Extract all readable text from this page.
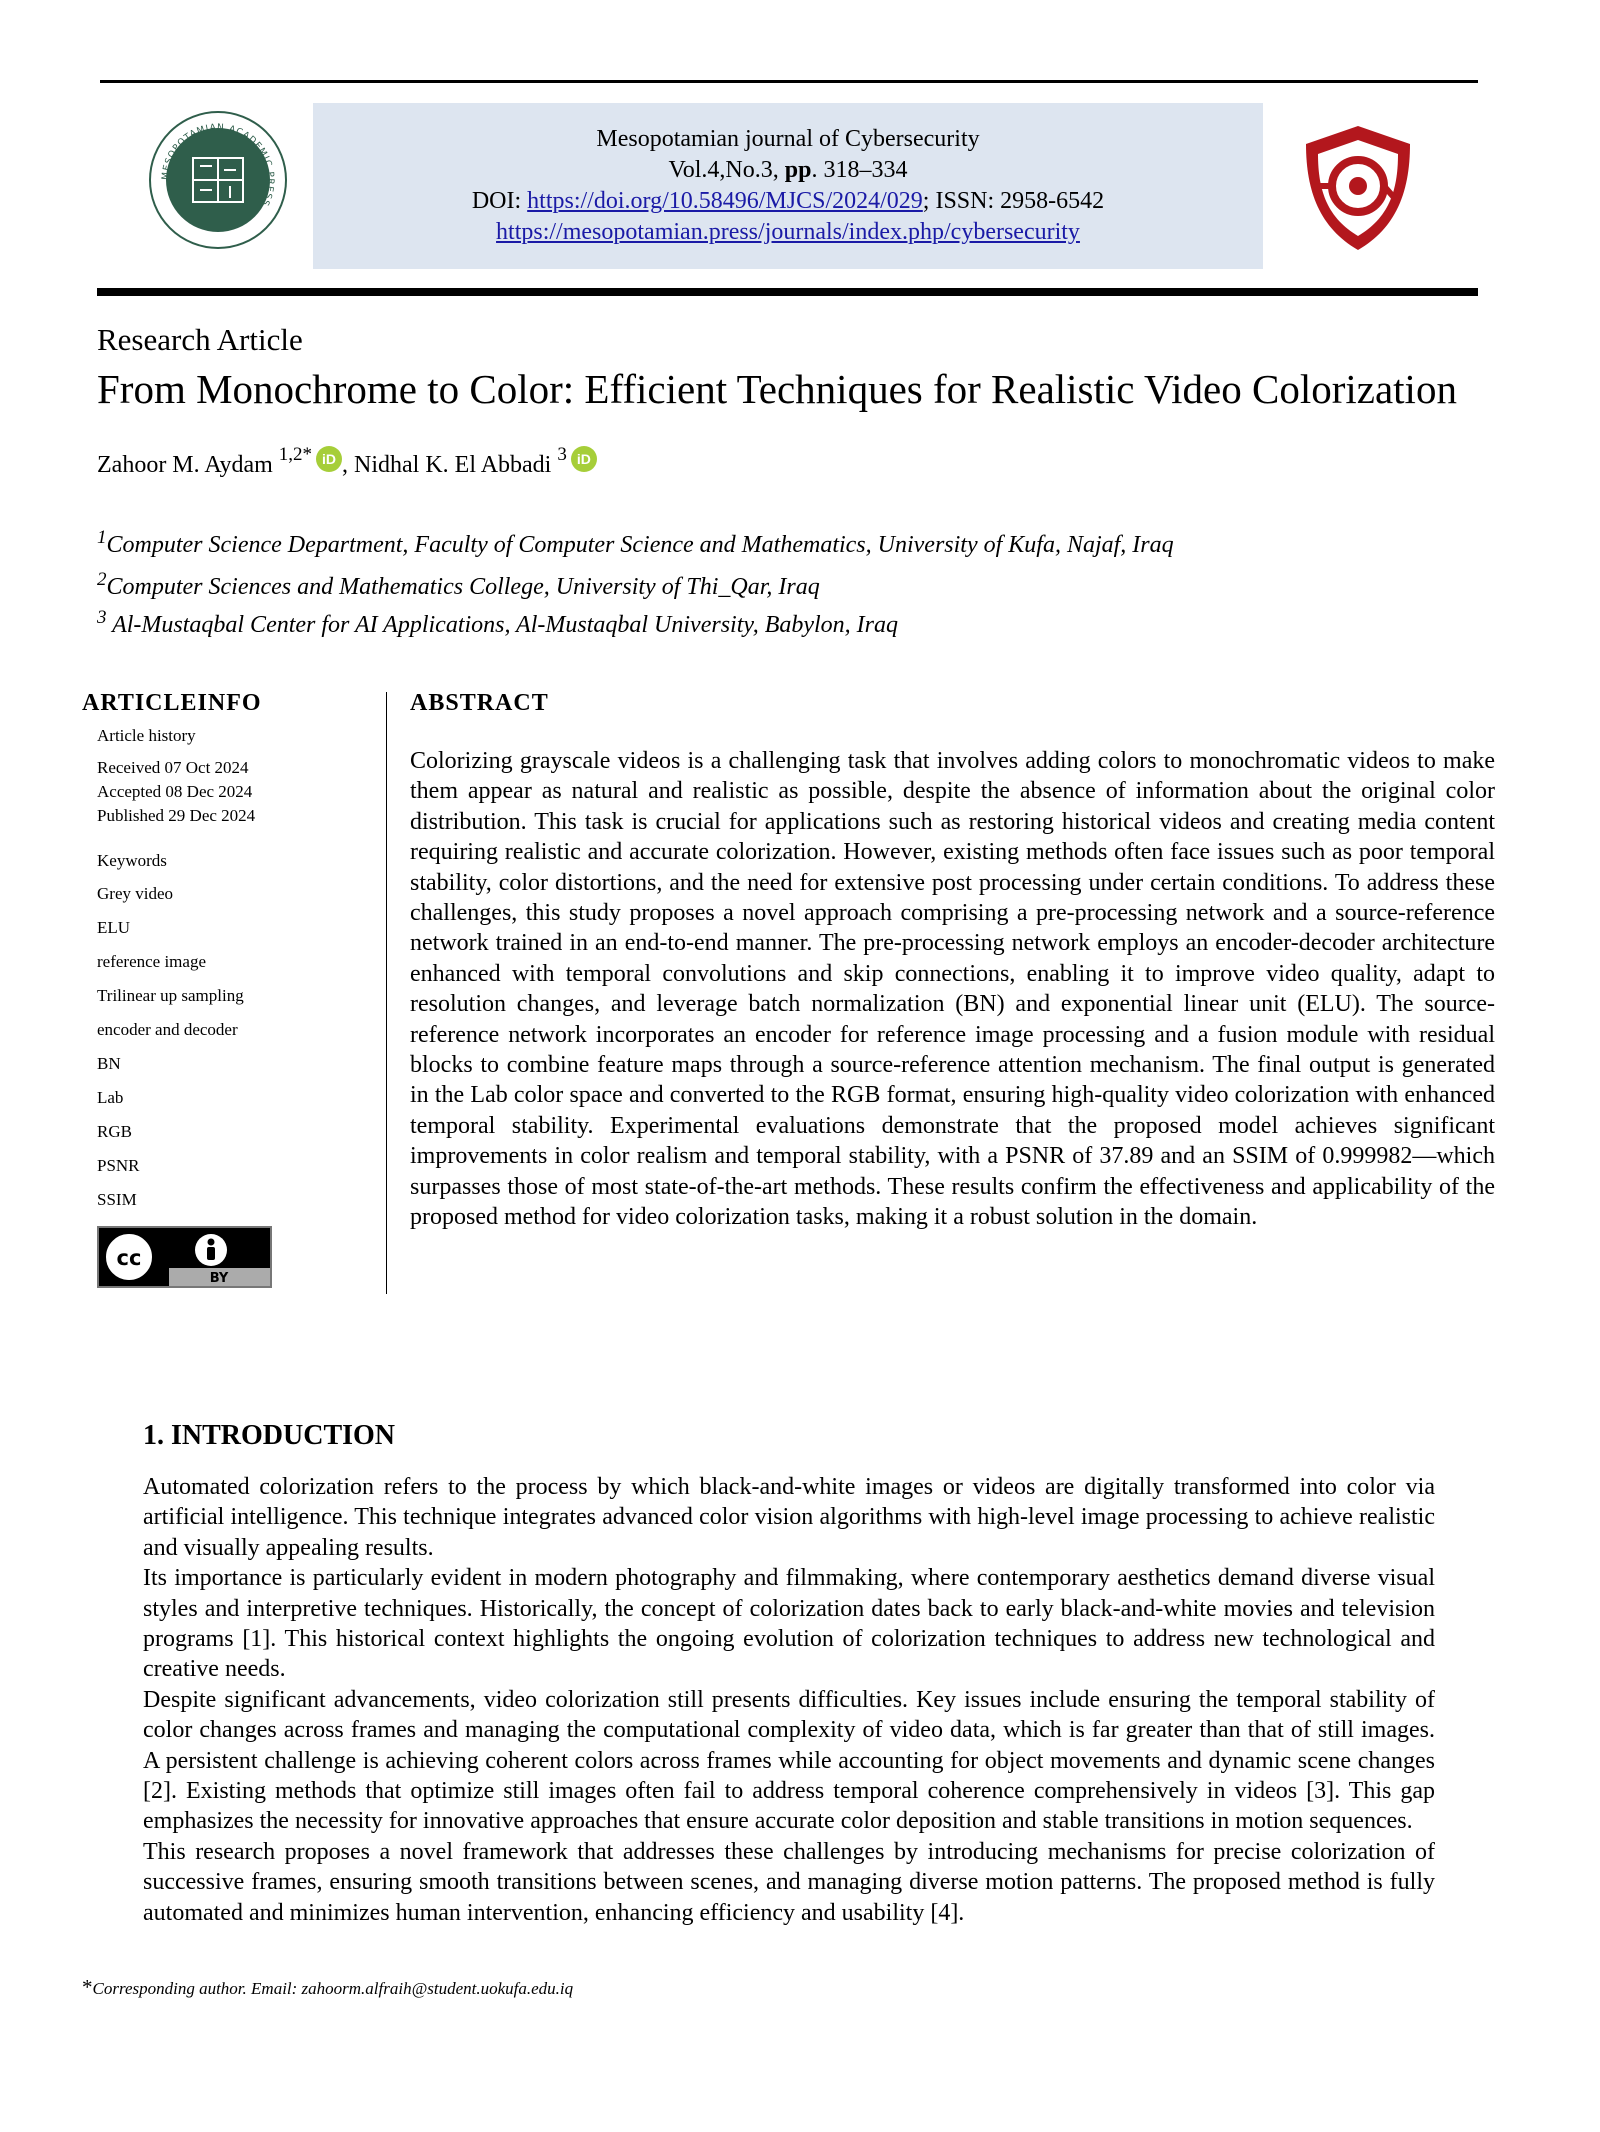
MESOPOTAMIAN ACADEMIC PRESS
Mesopotamian journal of Cybersecurity
Vol.4,No.3, pp. 318–334
DOI: https://doi.org/10.58496/MJCS/2024/029; ISSN: 2958-6542
https://mesopotamian.press/journals/index.php/cybersecurity
Research Article
From Monochrome to Color: Efficient Techniques for Realistic Video Colorization
Zahoor M. Aydam $^{1,2*}$ iD , Nidhal K. El Abbadi $^3$ iD
$^1$Computer Science Department, Faculty of Computer Science and Mathematics, University of Kufa, Najaf, Iraq
$^2$Computer Sciences and Mathematics College, University of Thi_Qar, Iraq
$^3$ Al-Mustaqbal Center for AI Applications, Al-Mustaqbal University, Babylon, Iraq
ARTICLEINFO
Article history
Received 07 Oct 2024
Accepted 08 Dec 2024
Published 29 Dec 2024
Keywords
Grey video
ELU
reference image
Trilinear up sampling
encoder and decoder
BN
Lab
RGB
PSNR
SSIM
BY
cc
ABSTRACT
Colorizing grayscale videos is a challenging task that involves adding colors to monochromatic videos to make them appear as natural and realistic as possible, despite the absence of information about the original color distribution. This task is crucial for applications such as restoring historical videos and creating media content requiring realistic and accurate colorization. However, existing methods often face issues such as poor temporal stability, color distortions, and the need for extensive post processing under certain conditions. To address these challenges, this study proposes a novel approach comprising a pre-processing network and a source-reference network trained in an end-to-end manner. The pre-processing network employs an encoder-decoder architecture enhanced with temporal convolutions and skip connections, enabling it to improve video quality, adapt to resolution changes, and leverage batch normalization (BN) and exponential linear unit (ELU). The source-reference network incorporates an encoder for reference image processing and a fusion module with residual blocks to combine feature maps through a source-reference attention mechanism. The final output is generated in the Lab color space and converted to the RGB format, ensuring high-quality video colorization with enhanced temporal stability. Experimental evaluations demonstrate that the proposed model achieves significant improvements in color realism and temporal stability, with a PSNR of 37.89 and an SSIM of 0.999982—which surpasses those of most state-of-the-art methods. These results confirm the effectiveness and applicability of the proposed method for video colorization tasks, making it a robust solution in the domain.
1. INTRODUCTION

Automated colorization refers to the process by which black-and-white images or videos are digitally transformed into color via artificial intelligence. This technique integrates advanced color vision algorithms with high-level image processing to achieve realistic and visually appealing results.

Its importance is particularly evident in modern photography and filmmaking, where contemporary aesthetics demand diverse visual styles and interpretive techniques. Historically, the concept of colorization dates back to early black-and-white movies and television programs [1]. This historical context highlights the ongoing evolution of colorization techniques to address new technological and creative needs.

Despite significant advancements, video colorization still presents difficulties. Key issues include ensuring the temporal stability of color changes across frames and managing the computational complexity of video data, which is far greater than that of still images. A persistent challenge is achieving coherent colors across frames while accounting for object movements and dynamic scene changes [2]. Existing methods that optimize still images often fail to address temporal coherence comprehensively in videos [3]. This gap emphasizes the necessity for innovative approaches that ensure accurate color deposition and stable transitions in motion sequences.

This research proposes a novel framework that addresses these challenges by introducing mechanisms for precise colorization of successive frames, ensuring smooth transitions between scenes, and managing diverse motion patterns. The proposed method is fully automated and minimizes human intervention, enhancing efficiency and usability [4].

*Corresponding author. Email: zahoorm.alfraih@student.uokufa.edu.iq
